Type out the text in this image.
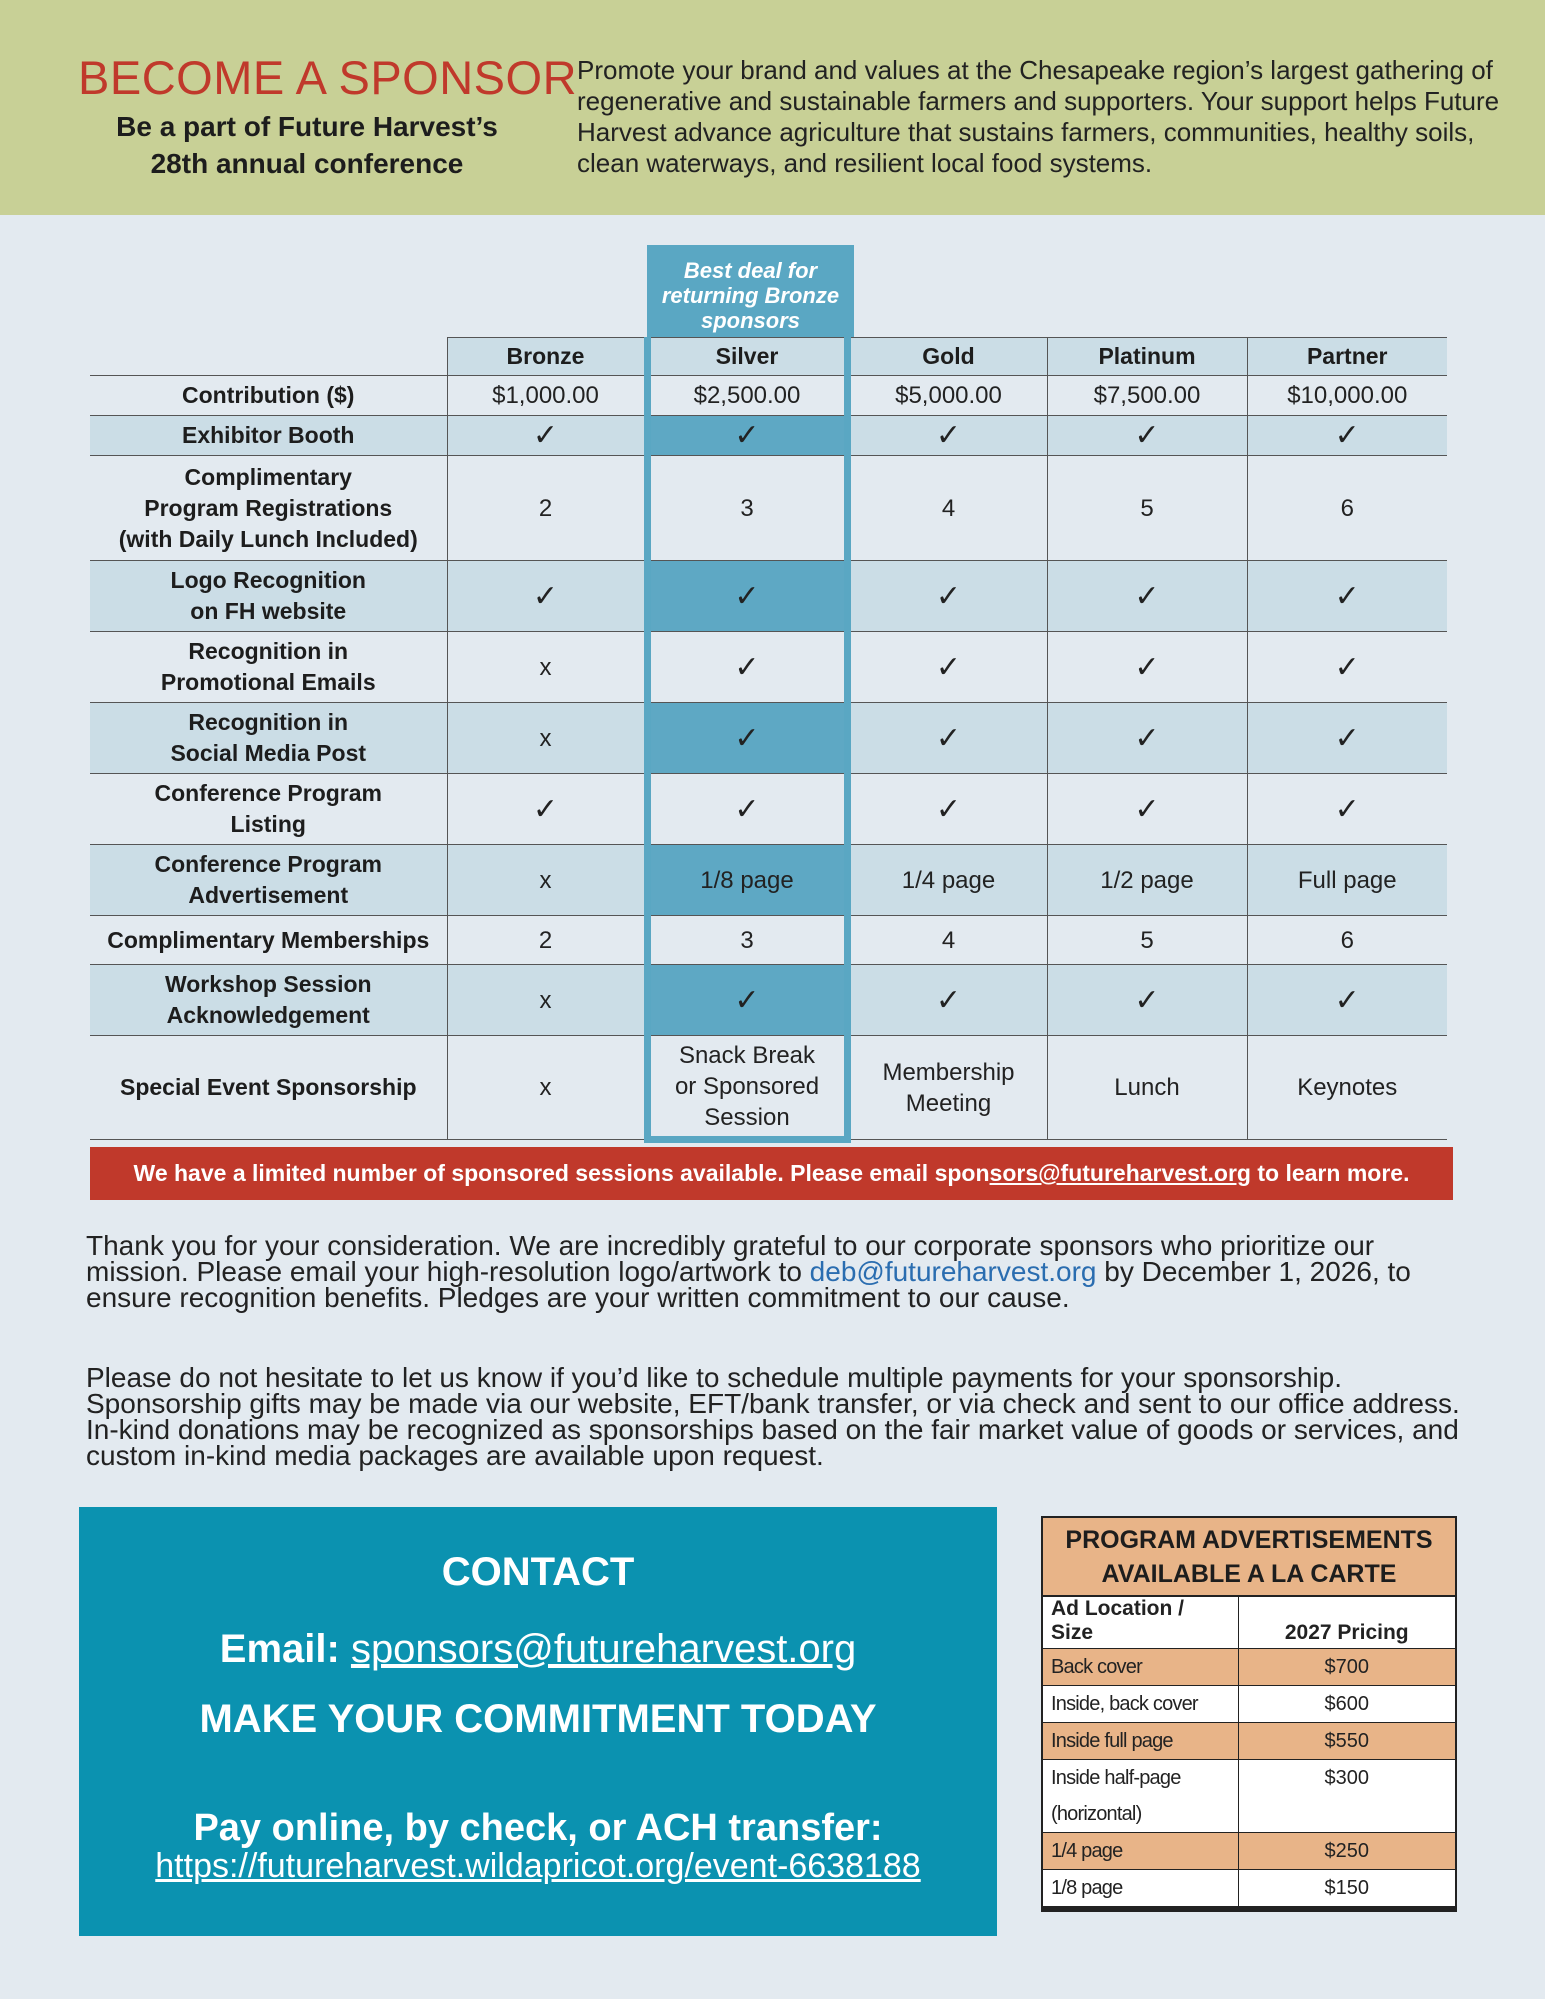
BECOME A SPONSOR
Be a part of Future Harvest’s
28th annual conference
Promote your brand and values at the Chesapeake region’s largest gathering of regenerative and sustainable farmers and supporters. Your support helps Future Harvest advance agriculture that sustains farmers, communities, healthy soils, clean waterways, and resilient local food systems.
Best deal for
returning Bronze
sponsors
	Bronze	Silver	Gold	Platinum	Partner

Contribution ($)	$1,000.00	$2,500.00	$5,000.00	$7,500.00	$10,000.00

Exhibitor Booth	✓	✓	✓	✓	✓

Complimentary
Program Registrations
(with Daily Lunch Included)	2	3	4	5	6

Logo Recognition
on FH website	✓	✓	✓	✓	✓

Recognition in
Promotional Emails	x	✓	✓	✓	✓

Recognition in
Social Media Post	x	✓	✓	✓	✓

Conference Program
Listing	✓	✓	✓	✓	✓

Conference Program
Advertisement	x	1/8 page	1/4 page	1/2 page	Full page

Complimentary Memberships	2	3	4	5	6

Workshop Session
Acknowledgement	x	✓	✓	✓	✓

Special Event Sponsorship	x	Snack Break or Sponsored Session	Membership Meeting	Lunch	Keynotes
We have a limited number of sponsored sessions available. Please email sponsors@futureharvest.org to learn more.
Thank you for your consideration. We are incredibly grateful to our corporate sponsors who prioritize our mission. Please email your high-resolution logo/artwork to deb@futureharvest.org by December 1, 2026, to ensure recognition benefits. Pledges are your written commitment to our cause.
Please do not hesitate to let us know if you’d like to schedule multiple payments for your sponsorship. Sponsorship gifts may be made via our website, EFT/bank transfer, or via check and sent to our office address. In-kind donations may be recognized as sponsorships based on the fair market value of goods or services, and custom in-kind media packages are available upon request.
CONTACT
Email: sponsors@futureharvest.org
MAKE YOUR COMMITMENT TODAY
Pay online, by check, or ACH transfer:
https://futureharvest.wildapricot.org/event-6638188
PROGRAM ADVERTISEMENTS
AVAILABLE A LA CARTE
Ad Location / Size	2027 Pricing

Back cover	$700

Inside, back cover	$600

Inside full page	$550

Inside half-page
(horizontal)	$300

1/4 page	$250

1/8 page	$150
